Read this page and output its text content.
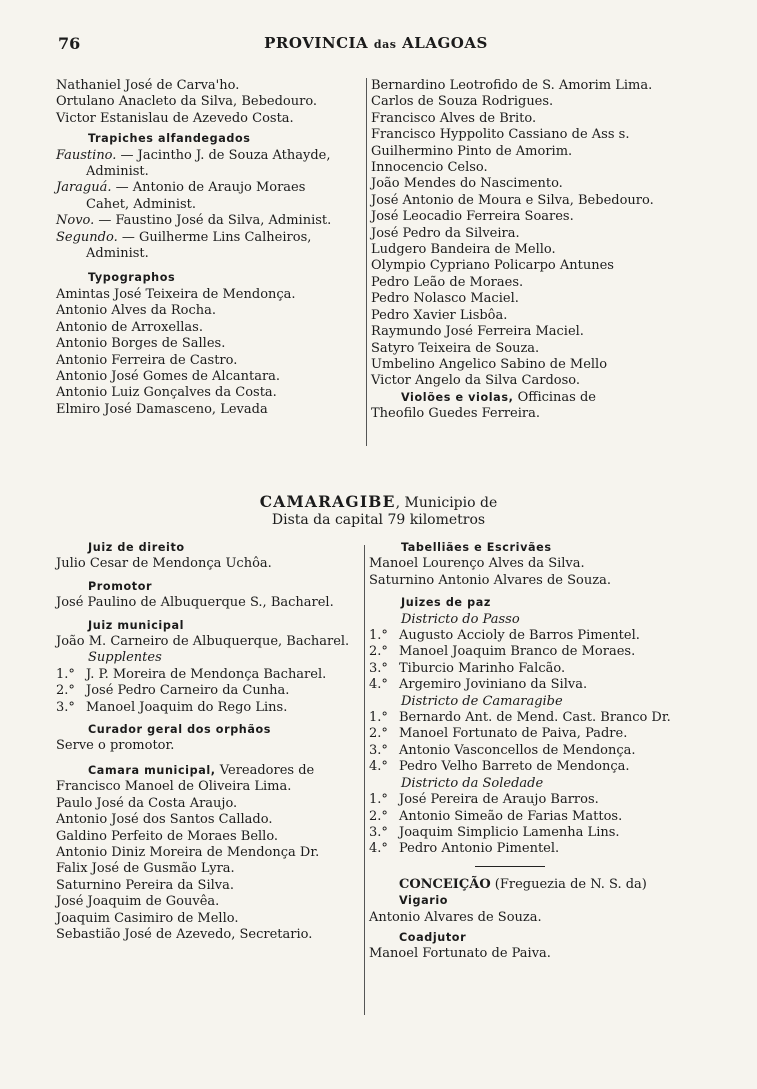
76	PROVINCIA das ALAGOAS
Nathaniel José de Carva'ho.
Ortulano Anacleto da Silva, Bebedouro.
Victor Estanislau de Azevedo Costa.
Trapiches alfandegados
Faustino. — Jacintho J. de Souza Athayde,
Administ.
Jaraguá. — Antonio de Araujo Moraes
Cahet, Administ.
Novo. — Faustino José da Silva, Administ.
Segundo. — Guilherme Lins Calheiros,
Administ.
Typographos
Amintas José Teixeira de Mendonça.
Antonio Alves da Rocha.
Antonio de Arroxellas.
Antonio Borges de Salles.
Antonio Ferreira de Castro.
Antonio José Gomes de Alcantara.
Antonio Luiz Gonçalves da Costa.
Elmiro José Damasceno, Levada
Bernardino Leotrofido de S. Amorim Lima.
Carlos de Souza Rodrigues.
Francisco Alves de Brito.
Francisco Hyppolito Cassiano de Ass s.
Guilhermino Pinto de Amorim.
Innocencio Celso.
João Mendes do Nascimento.
José Antonio de Moura e Silva, Bebedouro.
José Leocadio Ferreira Soares.
José Pedro da Silveira.
Ludgero Bandeira de Mello.
Olympio Cypriano Policarpo Antunes
Pedro Leão de Moraes.
Pedro Nolasco Maciel.
Pedro Xavier Lisbôa.
Raymundo José Ferreira Maciel.
Satyro Teixeira de Souza.
Umbelino Angelico Sabino de Mello
Victor Angelo da Silva Cardoso.
Violões e violas, Officinas de
Theofilo Guedes Ferreira.
CAMARAGIBE, Municipio de
Dista da capital 79 kilometros
Juiz de direito
Julio Cesar de Mendonça Uchôa.
Promotor
José Paulino de Albuquerque S., Bacharel.
Juiz municipal
João M. Carneiro de Albuquerque, Bacharel.
Supplentes
1.° J. P. Moreira de Mendonça Bacharel.
2.° José Pedro Carneiro da Cunha.
3.° Manoel Joaquim do Rego Lins.
Curador geral dos orphãos
Serve o promotor.
Camara municipal, Vereadores de
Francisco Manoel de Oliveira Lima.
Paulo José da Costa Araujo.
Antonio José dos Santos Callado.
Galdino Perfeito de Moraes Bello.
Antonio Diniz Moreira de Mendonça Dr.
Falix José de Gusmão Lyra.
Saturnino Pereira da Silva.
José Joaquim de Gouvêa.
Joaquim Casimiro de Mello.
Sebastião José de Azevedo, Secretario.
Tabelliães e Escrivães
Manoel Lourenço Alves da Silva.
Saturnino Antonio Alvares de Souza.
Juizes de paz
Districto do Passo
1.° Augusto Accioly de Barros Pimentel.
2.° Manoel Joaquim Branco de Moraes.
3.° Tiburcio Marinho Falcão.
4.° Argemiro Joviniano da Silva.
Districto de Camaragibe
1.° Bernardo Ant. de Mend. Cast. Branco Dr.
2.° Manoel Fortunato de Paiva, Padre.
3.° Antonio Vasconcellos de Mendonça.
4.° Pedro Velho Barreto de Mendonça.
Districto da Soledade
1.° José Pereira de Araujo Barros.
2.° Antonio Simeão de Farias Mattos.
3.° Joaquim Simplicio Lamenha Lins.
4.° Pedro Antonio Pimentel.
CONCEIÇÃO (Freguezia de N. S. da)
Vigario
Antonio Alvares de Souza.
Coadjutor
Manoel Fortunato de Paiva.
